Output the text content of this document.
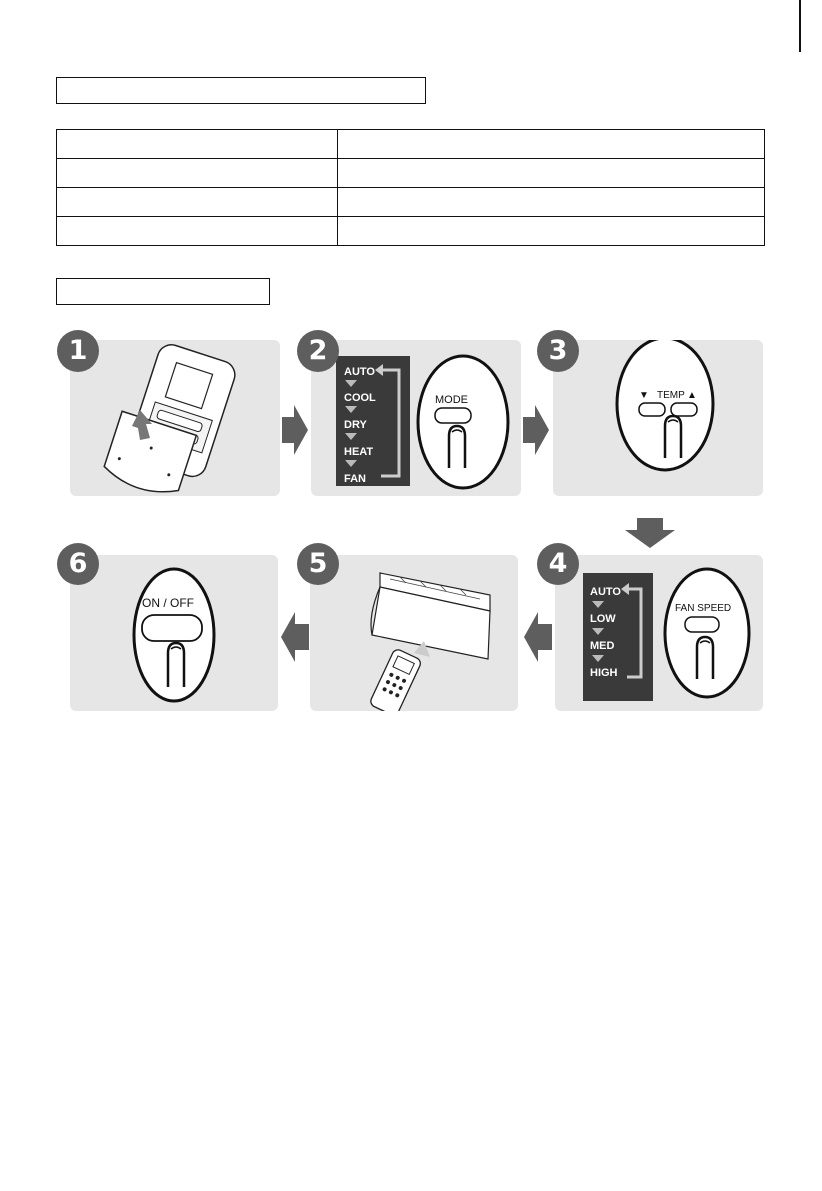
1
AUTO
COOL
DRY
HEAT
FAN
MODE
2
▼ TEMP ▲
3
ON / OFF
6	5
AUTO
LOW
MED
HIGH
FAN SPEED
4
